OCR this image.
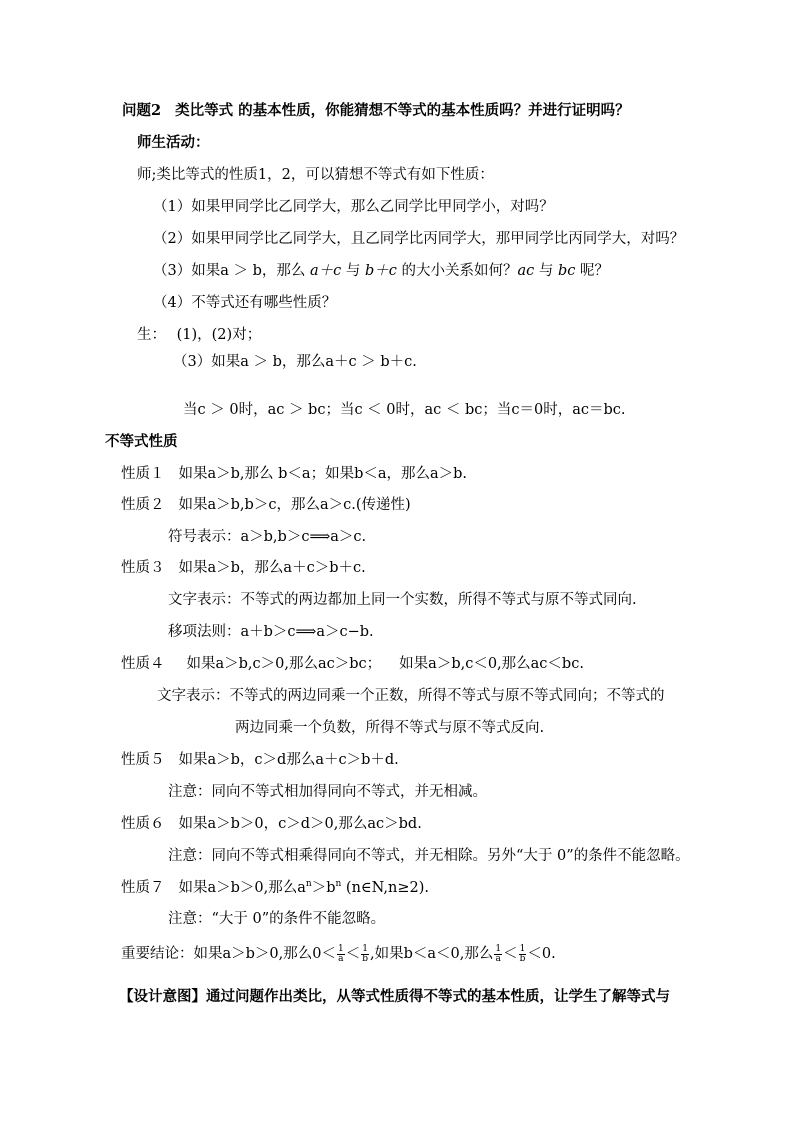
问题2 类比等式 的基本性质，你能猜想不等式的基本性质吗？并进行证明吗？
师生活动：
师;类比等式的性质1，2，可以猜想不等式有如下性质：
（1）如果甲同学比乙同学大，那么乙同学比甲同学小，对吗？
（2）如果甲同学比乙同学大，且乙同学比丙同学大，那甲同学比丙同学大，对吗？
（3）如果a ＞ b，那么 a＋c 与 b＋c 的大小关系如何？ac 与 bc 呢？
（4）不等式还有哪些性质？
生： (1)，(2)对；
（3）如果a ＞ b，那么a＋c ＞ b＋c.
当c ＞ 0时，ac ＞ bc；当c ＜ 0时，ac ＜ bc；当c＝0时，ac＝bc.
不等式性质
性质１ 如果a＞b,那么 b＜a；如果b＜a，那么a＞b.
性质２ 如果a＞b,b＞c，那么a＞c.(传递性)
符号表示：a＞b,b＞c⟹a＞c.
性质３ 如果a＞b，那么a＋c＞b＋c.
文字表示：不等式的两边都加上同一个实数，所得不等式与原不等式同向.
移项法则：a＋b＞c⟹a＞c−b.
性质４ 如果a＞b,c＞0,那么ac＞bc； 如果a＞b,c＜0,那么ac＜bc.
文字表示：不等式的两边同乘一个正数，所得不等式与原不等式同向；不等式的
两边同乘一个负数，所得不等式与原不等式反向.
性质５ 如果a＞b，c＞d那么a＋c＞b＋d.
注意：同向不等式相加得同向不等式，并无相减。
性质６ 如果a＞b＞0，c＞d＞0,那么ac＞bd.
注意：同向不等式相乘得同向不等式，并无相除。另外“大于 0”的条件不能忽略。
性质７ 如果a＞b＞0,那么$a^n>b^n$ (n∈N,n≥2).
注意：“大于 0”的条件不能忽略。
重要结论：如果a＞b＞0,那么$0< \frac{1}{a} < \frac{1}{b}$ ,如果b＜a＜0,那么 $\frac{1}{a} < \frac{1}{b} <0$.
【设计意图】通过问题作出类比，从等式性质得不等式的基本性质，让学生了解等式与
